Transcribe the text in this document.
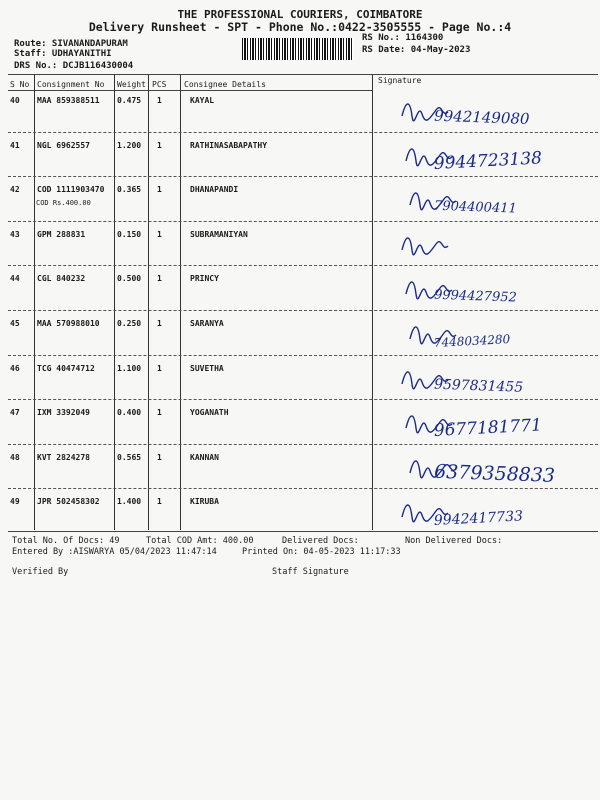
THE PROFESSIONAL COURIERS, COIMBATORE
Delivery Runsheet - SPT - Phone No.:0422-3505555 - Page No.:4
Route: SIVANANDAPURAM
Staff: UDHAYANITHI
DRS No.: DCJB116430004
RS No.: 1164300
RS Date: 04-May-2023
S No Consignment No Weight PCS Consignee Details	Signature
40 MAA 859388511 0.475 1	KAYAL
9942149080
41 NGL 6962557	1.200 1	RATHINASABAPATHY
9944723138
42 COD 1111903470 0.365 1	DHANAPANDI
COD Rs.400.00	7904400411
43 GPM 288831	0.150 1	SUBRAMANIYAN
44 CGL 840232	0.500 1	PRINCY
9994427952
45 MAA 570988010 0.250 1	SARANYA
7448034280
46 TCG 40474712	1.100 1	SUVETHA
9597831455
47 IXM 3392049	0.400 1	YOGANATH
9677181771
48 KVT 2824278	0.565 1	KANNAN
6379358833
49 JPR 502458302 1.400 1	KIRUBA
9942417733
Total No. Of Docs: 49	Total COD Amt: 400.00	Delivered Docs:	Non Delivered Docs:
Entered By :AISWARYA 05/04/2023 11:47:14	Printed On: 04-05-2023 11:17:33
Verified By	Staff Signature
